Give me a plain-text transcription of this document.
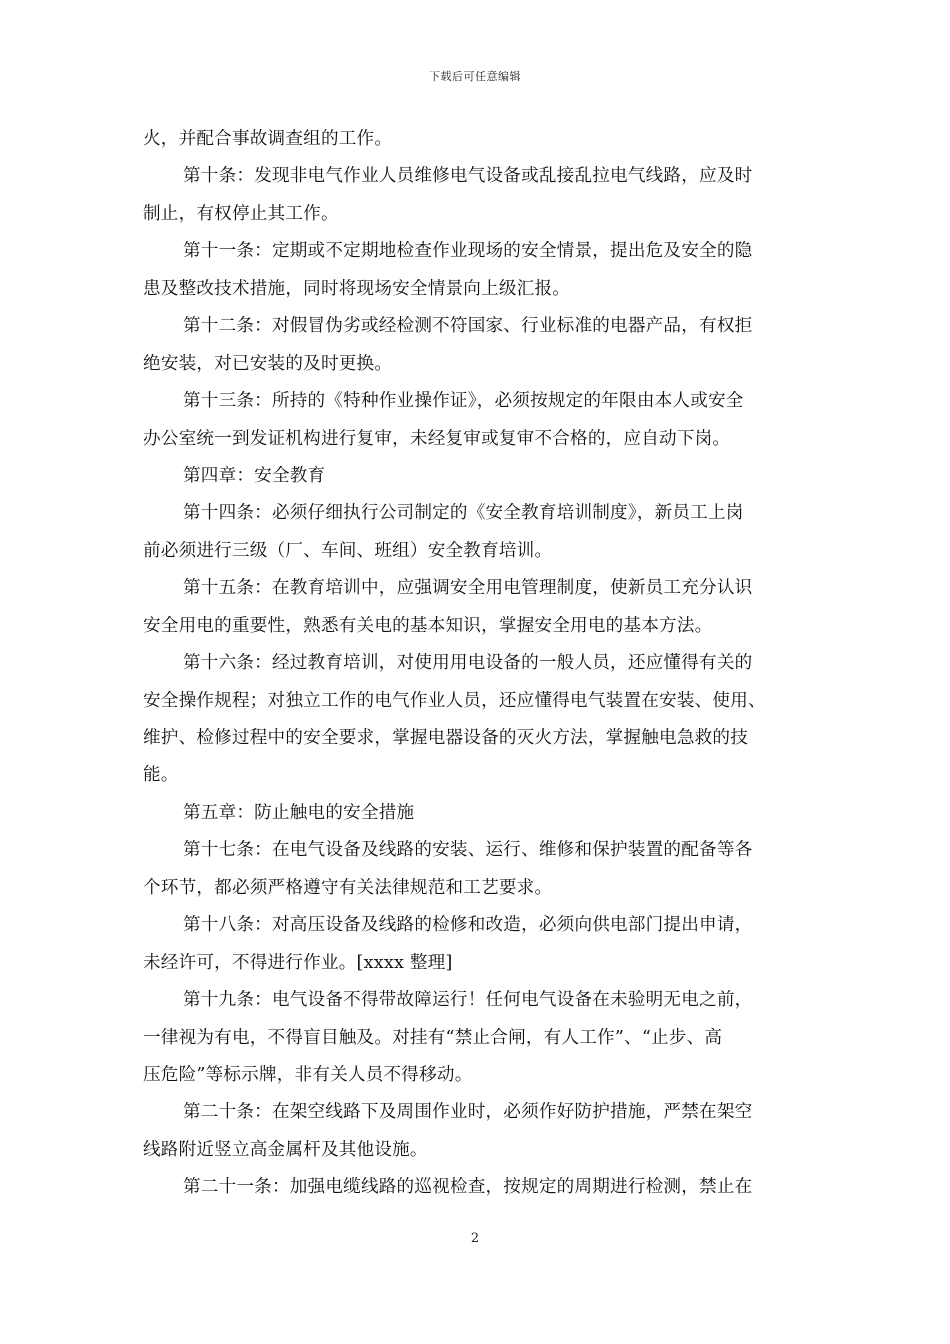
下载后可任意编辑
火，并配合事故调查组的工作。
第十条：发现非电气作业人员维修电气设备或乱接乱拉电气线路，应及时
制止，有权停止其工作。
第十一条：定期或不定期地检查作业现场的安全情景，提出危及安全的隐
患及整改技术措施，同时将现场安全情景向上级汇报。
第十二条：对假冒伪劣或经检测不符国家、行业标准的电器产品，有权拒
绝安装，对已安装的及时更换。
第十三条：所持的《特种作业操作证》，必须按规定的年限由本人或安全
办公室统一到发证机构进行复审，未经复审或复审不合格的，应自动下岗。
第四章：安全教育
第十四条：必须仔细执行公司制定的《安全教育培训制度》，新员工上岗
前必须进行三级（厂、车间、班组）安全教育培训。
第十五条：在教育培训中，应强调安全用电管理制度，使新员工充分认识
安全用电的重要性，熟悉有关电的基本知识，掌握安全用电的基本方法。
第十六条：经过教育培训，对使用用电设备的一般人员，还应懂得有关的
安全操作规程；对独立工作的电气作业人员，还应懂得电气装置在安装、使用、
维护、检修过程中的安全要求，掌握电器设备的灭火方法，掌握触电急救的技
能。
第五章：防止触电的安全措施
第十七条：在电气设备及线路的安装、运行、维修和保护装置的配备等各
个环节，都必须严格遵守有关法律规范和工艺要求。
第十八条：对高压设备及线路的检修和改造，必须向供电部门提出申请，
未经许可，不得进行作业。[xxxx 整理]
第十九条：电气设备不得带故障运行！任何电气设备在未验明无电之前，
一律视为有电，不得盲目触及。对挂有“禁止合闸，有人工作”、“止步、高
压危险”等标示牌，非有关人员不得移动。
第二十条：在架空线路下及周围作业时，必须作好防护措施，严禁在架空
线路附近竖立高金属杆及其他设施。
第二十一条：加强电缆线路的巡视检查，按规定的周期进行检测，禁止在
2
